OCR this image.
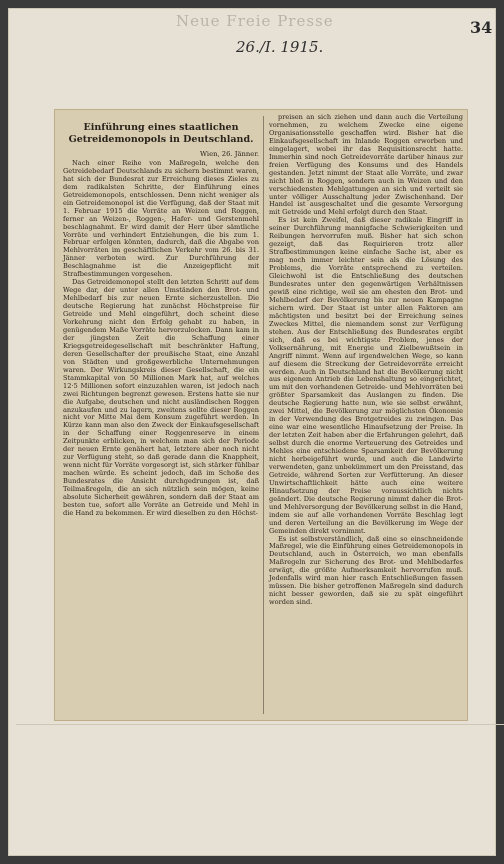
Neue Freie Presse
26./I. 1915.
34
Einführung eines staatlichen Getreidemonopols in Deutschland.
Wien, 26. Jänner.

Nach einer Reihe von Maßregeln, welche den Getreidebedarf Deutschlands zu sichern bestimmt waren, hat sich der Bundesrat zur Erreichung dieses Zieles zu dem radikalsten Schritte, der Einführung eines Getreidemonopols, entschlossen. Denn nicht weniger als ein Getreidemonopol ist die Verfügung, daß der Staat mit 1. Februar 1915 die Vorräte an Weizen und Roggen, ferner an Weizen-, Roggen-, Hafer- und Gerstenmehl beschlagnahmt. Er wird damit der Herr über sämtliche Vorräte und verhindert Entziehungen, die bis zum 1. Februar erfolgen könnten, dadurch, daß die Abgabe von Mehlvorräten im geschäftlichen Verkehr vom 26. bis 31. Jänner verboten wird. Zur Durchführung der Beschlagnahme ist die Anzeigepflicht mit Strafbestimmungen vorgesehen.

Das Getreidemonopol stellt den letzten Schritt auf dem Wege dar, der unter allen Umständen den Brot- und Mehlbedarf bis zur neuen Ernte sicherzustellen. Die deutsche Regierung hat zunächst Höchstpreise für Getreide und Mehl eingeführt, doch scheint diese Vorkehrung nicht den Erfolg gehabt zu haben, in genügendem Maße Vorräte hervorzulocken. Dann kam in der jüngsten Zeit die Schaffung einer Kriegsgetreidegesellschaft mit beschränkter Haftung, deren Gesellschafter der preußische Staat, eine Anzahl von Städten und großgewerbliche Unternehmungen waren. Der Wirkungskreis dieser Gesellschaft, die ein Stammkapital von 50 Millionen Mark hat, auf welches 12·5 Millionen sofort einzuzahlen waren, ist jedoch nach zwei Richtungen begrenzt gewesen. Erstens hatte sie nur die Aufgabe, deutschen und nicht ausländischen Roggen anzukaufen und zu lagern, zweitens sollte dieser Roggen nicht vor Mitte Mai dem Konsum zugeführt werden. In Kürze kann man also den Zweck der Einkaufsgesellschaft in der Schaffung einer Roggenreserve in einem Zeitpunkte erblicken, in welchem man sich der Periode der neuen Ernte genähert hat, letztere aber noch nicht zur Verfügung steht, so daß gerade dann die Knappheit, wenn nicht für Vorräte vorgesorgt ist, sich stärker fühlbar machen würde. Es scheint jedoch, daß im Schoße des Bundesrates die Ansicht durchgedrungen ist, daß Teilmaßregeln, die an sich nützlich sein mögen, keine absolute Sicherheit gewähren, sondern daß der Staat am besten tue, sofort alle Vorräte an Getreide und Mehl in die Hand zu bekommen. Er wird dieselben zu den Höchst-

preisen an sich ziehen und dann auch die Verteilung vornehmen, zu welchem Zwecke eine eigene Organisationsstelle geschaffen wird. Bisher hat die Einkaufsgesellschaft im Inlande Roggen erworben und eingelagert, wobei ihr das Requisitionsrecht hatte. Immerhin sind noch Getreidevorräte darüber hinaus zur freien Verfügung des Konsums und des Handels gestanden. Jetzt nimmt der Staat alle Vorräte, und zwar nicht bloß in Roggen, sondern auch in Weizen und den verschiedensten Mehlgattungen an sich und verteilt sie unter völliger Ausschaltung jeder Zwischenhand. Der Handel ist ausgeschaltet und die gesamte Versorgung mit Getreide und Mehl erfolgt durch den Staat.

Es ist kein Zweifel, daß dieser radikale Eingriff in seiner Durchführung mannigfache Schwierigkeiten und Reibungen hervorrufen muß. Bisher hat sich schon gezeigt, daß das Requirieren trotz aller Strafbestimmungen keine einfache Sache ist, aber es mag noch immer leichter sein als die Lösung des Problems, die Vorräte entsprechend zu verteilen. Gleichwohl ist die Entschließung des deutschen Bundesrates unter den gegenwärtigen Verhältnissen gewiß eine richtige, weil sie am ehesten den Brot- und Mehlbedarf der Bevölkerung bis zur neuen Kampagne sichern wird. Der Staat ist unter allen Faktoren am mächtigsten und besitzt bei der Erreichung seines Zweckes Mittel, die niemandem sonst zur Verfügung stehen. Aus der Entschließung des Bundesrates ergibt sich, daß es bei wichtigste Problem, jenes der Volksernährung, mit Energie und Zielbewußtsein in Angriff nimmt. Wenn auf irgendwelchen Wege, so kann auf diesem die Streckung der Getreidevorräte erreicht werden. Auch in Deutschland hat die Bevölkerung nicht aus eigenem Antrieb die Lebenshaltung so eingerichtet, um mit den vorhandenen Getreide- und Mehlvorräten bei größter Sparsamkeit das Auslangen zu finden. Die deutsche Regierung hatte nun, wie sie selbst erwähnt, zwei Mittel, die Bevölkerung zur möglichsten Ökonomie in der Verwendung des Brotgetreides zu zwingen. Das eine war eine wesentliche Hinaufsetzung der Preise. In der letzten Zeit haben aber die Erfahrungen gelehrt, daß selbst durch die enorme Verteuerung des Getreides und Mehles eine entschiedene Sparsamkeit der Bevölkerung nicht herbeigeführt wurde, und auch die Landwirte verwendeten, ganz unbekümmert um den Preisstand, das Getreide, während Sorten zur Verfütterung. An dieser Unwirtschaftlichkeit hätte auch eine weitere Hinaufsetzung der Preise voraussichtlich nichts geändert. Die deutsche Regierung nimmt daher die Brot- und Mehlversorgung der Bevölkerung selbst in die Hand, indem sie auf alle vorhandenen Vorräte Beschlag legt und deren Verteilung an die Bevölkerung im Wege der Gemeinden direkt vornimmt.

Es ist selbstverständlich, daß eine so einschneidende Maßregel, wie die Einführung eines Getreidemonopols in Deutschland, auch in Österreich, wo man ebenfalls Maßregeln zur Sicherung des Brot- und Mehlbedarfes erwägt, die größte Aufmerksamkeit hervorrufen muß. Jedenfalls wird man hier rasch Entschließungen fassen müssen. Die bisher getroffenen Maßregeln sind dadurch nicht besser geworden, daß sie zu spät eingeführt worden sind.
